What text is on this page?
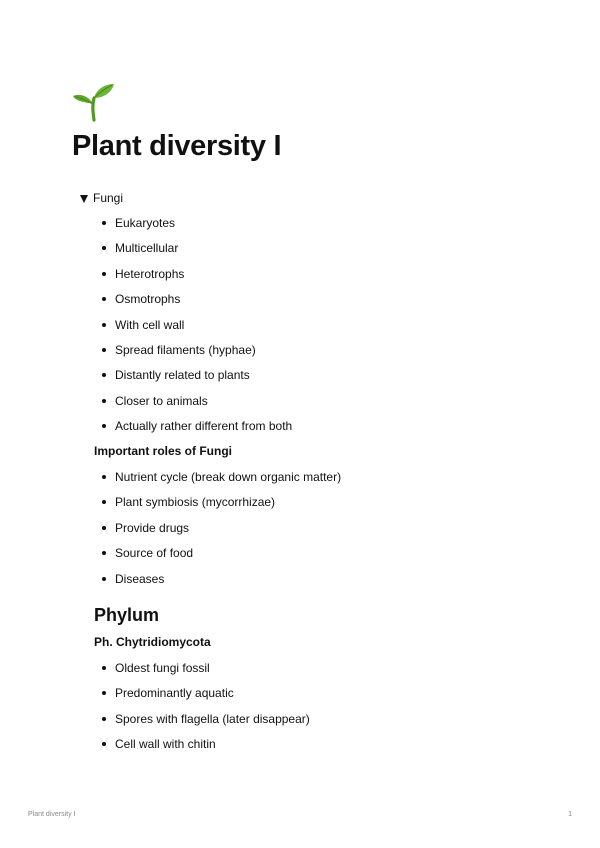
Plant diversity I
Fungi
Eukaryotes
Multicellular
Heterotrophs
Osmotrophs
With cell wall
Spread filaments (hyphae)
Distantly related to plants
Closer to animals
Actually rather different from both
Important roles of Fungi
Nutrient cycle (break down organic matter)
Plant symbiosis (mycorrhizae)
Provide drugs
Source of food
Diseases
Phylum
Ph. Chytridiomycota
Oldest fungi fossil
Predominantly aquatic
Spores with flagella (later disappear)
Cell wall with chitin
Plant diversity I	1
